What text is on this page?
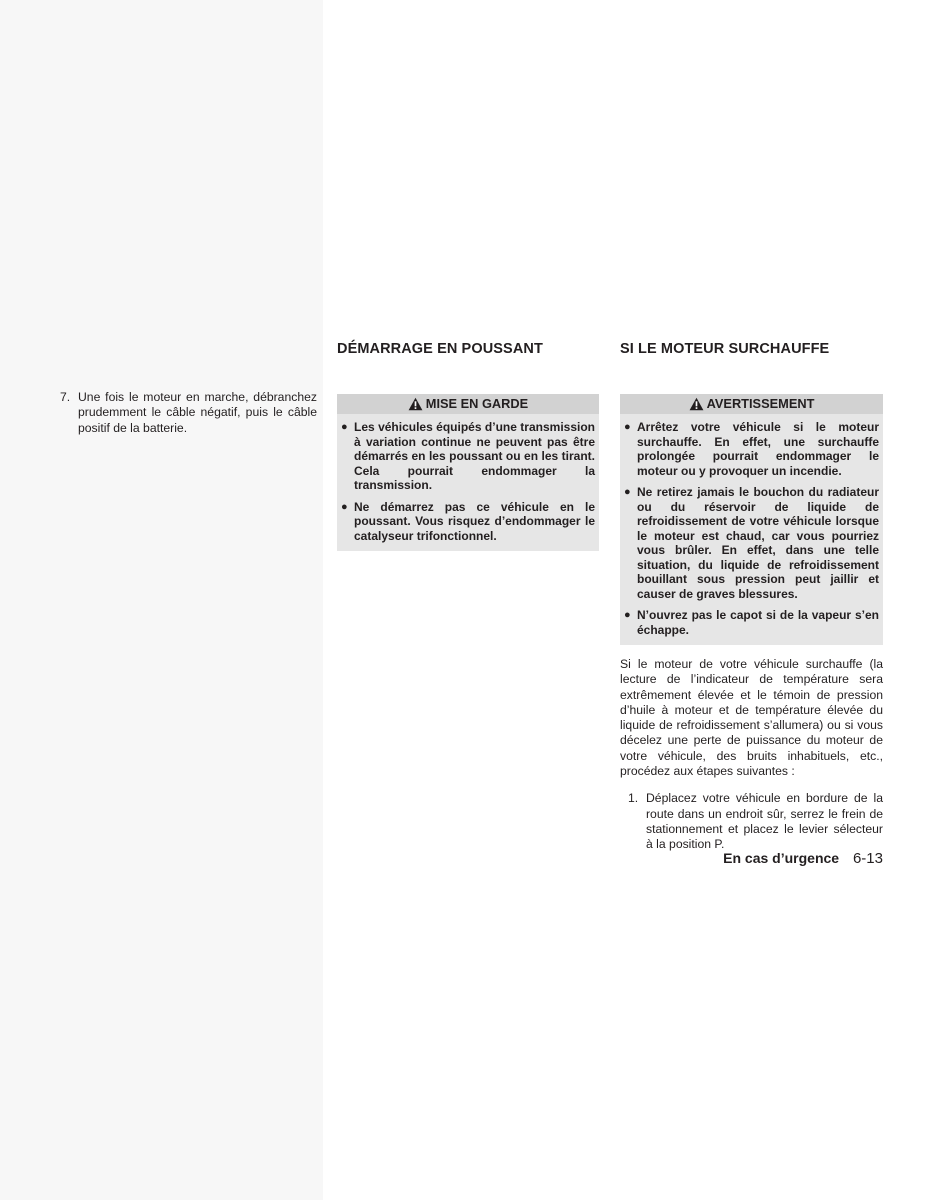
7. Une fois le moteur en marche, débranchez prudemment le câble négatif, puis le câble positif de la batterie.
DÉMARRAGE EN POUSSANT
MISE EN GARDE
● Les véhicules équipés d’une transmission à variation continue ne peuvent pas être démarrés en les poussant ou en les tirant. Cela pourrait endommager la transmission.
● Ne démarrez pas ce véhicule en le poussant. Vous risquez d’endommager le catalyseur trifonctionnel.
SI LE MOTEUR SURCHAUFFE
AVERTISSEMENT
● Arrêtez votre véhicule si le moteur surchauffe. En effet, une surchauffe prolongée pourrait endommager le moteur ou y provoquer un incendie.
● Ne retirez jamais le bouchon du radiateur ou du réservoir de liquide de refroidissement de votre véhicule lorsque le moteur est chaud, car vous pourriez vous brûler. En effet, dans une telle situation, du liquide de refroidissement bouillant sous pression peut jaillir et causer de graves blessures.
● N’ouvrez pas le capot si de la vapeur s’en échappe.
Si le moteur de votre véhicule surchauffe (la lecture de l’indicateur de température sera extrêmement élevée et le témoin de pression d’huile à moteur et de température élevée du liquide de refroidissement s’allumera) ou si vous décelez une perte de puissance du moteur de votre véhicule, des bruits inhabituels, etc., procédez aux étapes suivantes :
1. Déplacez votre véhicule en bordure de la route dans un endroit sûr, serrez le frein de stationnement et placez le levier sélecteur à la position P.
En cas d’urgence 6-13
